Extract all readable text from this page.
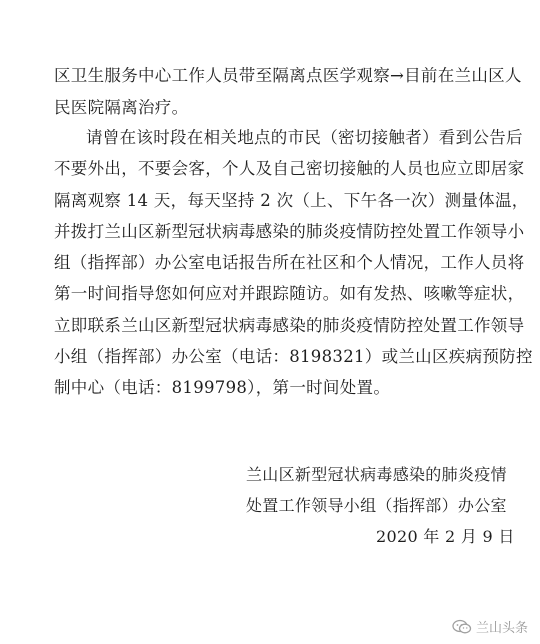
区卫生服务中心工作人员带至隔离点医学观察→目前在兰山区人
民医院隔离治疗。
请曾在该时段在相关地点的市民（密切接触者）看到公告后
不要外出，不要会客，个人及自己密切接触的人员也应立即居家
隔离观察 14 天，每天坚持 2 次（上、下午各一次）测量体温，
并拨打兰山区新型冠状病毒感染的肺炎疫情防控处置工作领导小
组（指挥部）办公室电话报告所在社区和个人情况，工作人员将
第一时间指导您如何应对并跟踪随访。如有发热、咳嗽等症状，
立即联系兰山区新型冠状病毒感染的肺炎疫情防控处置工作领导
小组（指挥部）办公室（电话：8198321）或兰山区疾病预防控
制中心（电话：8199798），第一时间处置。
兰山区新型冠状病毒感染的肺炎疫情
处置工作领导小组（指挥部）办公室
2020 年 2 月 9 日
兰山头条
